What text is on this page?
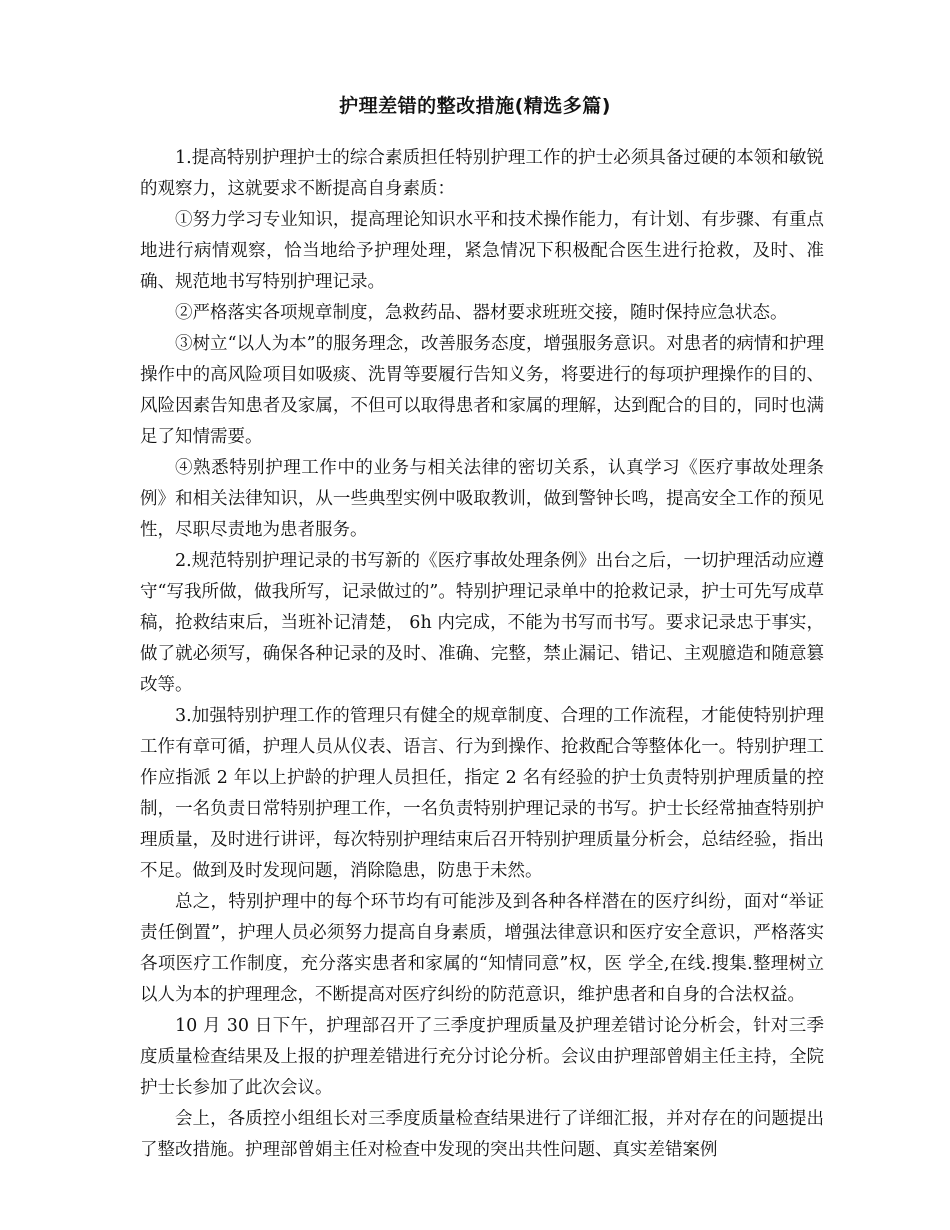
护理差错的整改措施(精选多篇)

1.提高特别护理护士的综合素质担任特别护理工作的护士必须具备过硬的本领和敏锐的观察力，这就要求不断提高自身素质：

①努力学习专业知识，提高理论知识水平和技术操作能力，有计划、有步骤、有重点地进行病情观察，恰当地给予护理处理，紧急情况下积极配合医生进行抢救，及时、准确、规范地书写特别护理记录。

②严格落实各项规章制度，急救药品、器材要求班班交接，随时保持应急状态。

③树立“以人为本”的服务理念，改善服务态度，增强服务意识。对患者的病情和护理操作中的高风险项目如吸痰、洗胃等要履行告知义务，将要进行的每项护理操作的目的、风险因素告知患者及家属，不但可以取得患者和家属的理解，达到配合的目的，同时也满足了知情需要。

④熟悉特别护理工作中的业务与相关法律的密切关系，认真学习《医疗事故处理条例》和相关法律知识，从一些典型实例中吸取教训，做到警钟长鸣，提高安全工作的预见性，尽职尽责地为患者服务。

2.规范特别护理记录的书写新的《医疗事故处理条例》出台之后，一切护理活动应遵守“写我所做，做我所写，记录做过的”。特别护理记录单中的抢救记录，护士可先写成草稿，抢救结束后，当班补记清楚， 6h 内完成，不能为书写而书写。要求记录忠于事实，做了就必须写，确保各种记录的及时、准确、完整，禁止漏记、错记、主观臆造和随意篡改等。

3.加强特别护理工作的管理只有健全的规章制度、合理的工作流程，才能使特别护理工作有章可循，护理人员从仪表、语言、行为到操作、抢救配合等整体化一。特别护理工作应指派 2 年以上护龄的护理人员担任，指定 2 名有经验的护士负责特别护理质量的控制，一名负责日常特别护理工作，一名负责特别护理记录的书写。护士长经常抽查特别护理质量，及时进行讲评，每次特别护理结束后召开特别护理质量分析会，总结经验，指出不足。做到及时发现问题，消除隐患，防患于未然。

总之，特别护理中的每个环节均有可能涉及到各种各样潜在的医疗纠纷，面对“举证责任倒置”，护理人员必须努力提高自身素质，增强法律意识和医疗安全意识，严格落实各项医疗工作制度，充分落实患者和家属的“知情同意”权，医 学全,在线.搜集.整理树立以人为本的护理理念，不断提高对医疗纠纷的防范意识，维护患者和自身的合法权益。

10 月 30 日下午，护理部召开了三季度护理质量及护理差错讨论分析会，针对三季度质量检查结果及上报的护理差错进行充分讨论分析。会议由护理部曾娟主任主持，全院护士长参加了此次会议。

会上，各质控小组组长对三季度质量检查结果进行了详细汇报，并对存在的问题提出了整改措施。护理部曾娟主任对检查中发现的突出共性问题、真实差错案例
